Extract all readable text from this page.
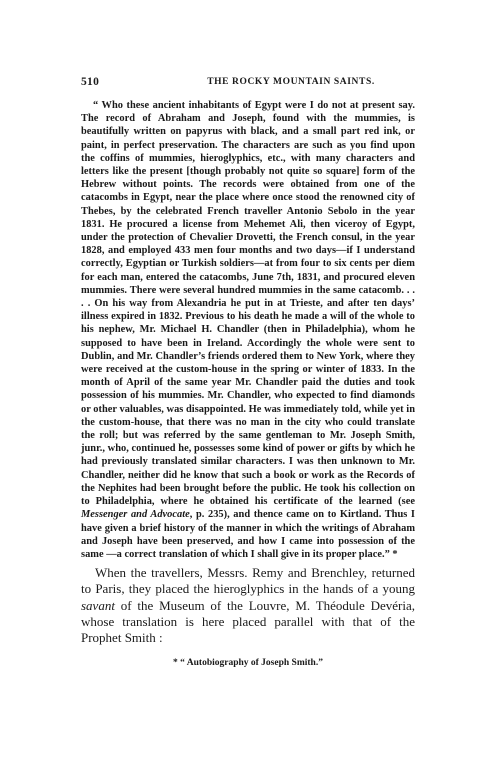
510	THE ROCKY MOUNTAIN SAINTS.

“ Who these ancient inhabitants of Egypt were I do not at present say. The record of Abraham and Joseph, found with the mummies, is beautifully written on papyrus with black, and a small part red ink, or paint, in perfect preservation. The characters are such as you find upon the coffins of mummies, hieroglyphics, etc., with many characters and letters like the present [though probably not quite so square] form of the Hebrew without points. The records were obtained from one of the catacombs in Egypt, near the place where once stood the renowned city of Thebes, by the celebrated French traveller Antonio Sebolo in the year 1831. He procured a license from Mehemet Ali, then viceroy of Egypt, under the protection of Chevalier Drovetti, the French consul, in the year 1828, and employed 433 men four months and two days—if I understand correctly, Egyptian or Turkish soldiers—at from four to six cents per diem for each man, entered the catacombs, June 7th, 1831, and procured eleven mummies. There were several hundred mummies in the same catacomb. . . . . On his way from Alexandria he put in at Trieste, and after ten days’ illness expired in 1832. Previous to his death he made a will of the whole to his nephew, Mr. Michael H. Chandler (then in Philadelphia), whom he supposed to have been in Ireland. Accordingly the whole were sent to Dublin, and Mr. Chandler’s friends ordered them to New York, where they were received at the custom-house in the spring or winter of 1833. In the month of April of the same year Mr. Chandler paid the duties and took possession of his mummies. Mr. Chandler, who expected to find diamonds or other valuables, was disappointed. He was immediately told, while yet in the custom-house, that there was no man in the city who could translate the roll; but was referred by the same gentleman to Mr. Joseph Smith, junr., who, continued he, possesses some kind of power or gifts by which he had previously translated similar characters. I was then unknown to Mr. Chandler, neither did he know that such a book or work as the Records of the Nephites had been brought before the public. He took his collection on to Philadelphia, where he obtained his certificate of the learned (see Messenger and Advocate, p. 235), and thence came on to Kirtland. Thus I have given a brief history of the manner in which the writings of Abraham and Joseph have been preserved, and how I came into possession of the same —a correct translation of which I shall give in its proper place.” *

When the travellers, Messrs. Remy and Brenchley, returned to Paris, they placed the hieroglyphics in the hands of a young savant of the Museum of the Louvre, M. Théodule Devéria, whose translation is here placed parallel with that of the Prophet Smith :

* “ Autobiography of Joseph Smith.”
